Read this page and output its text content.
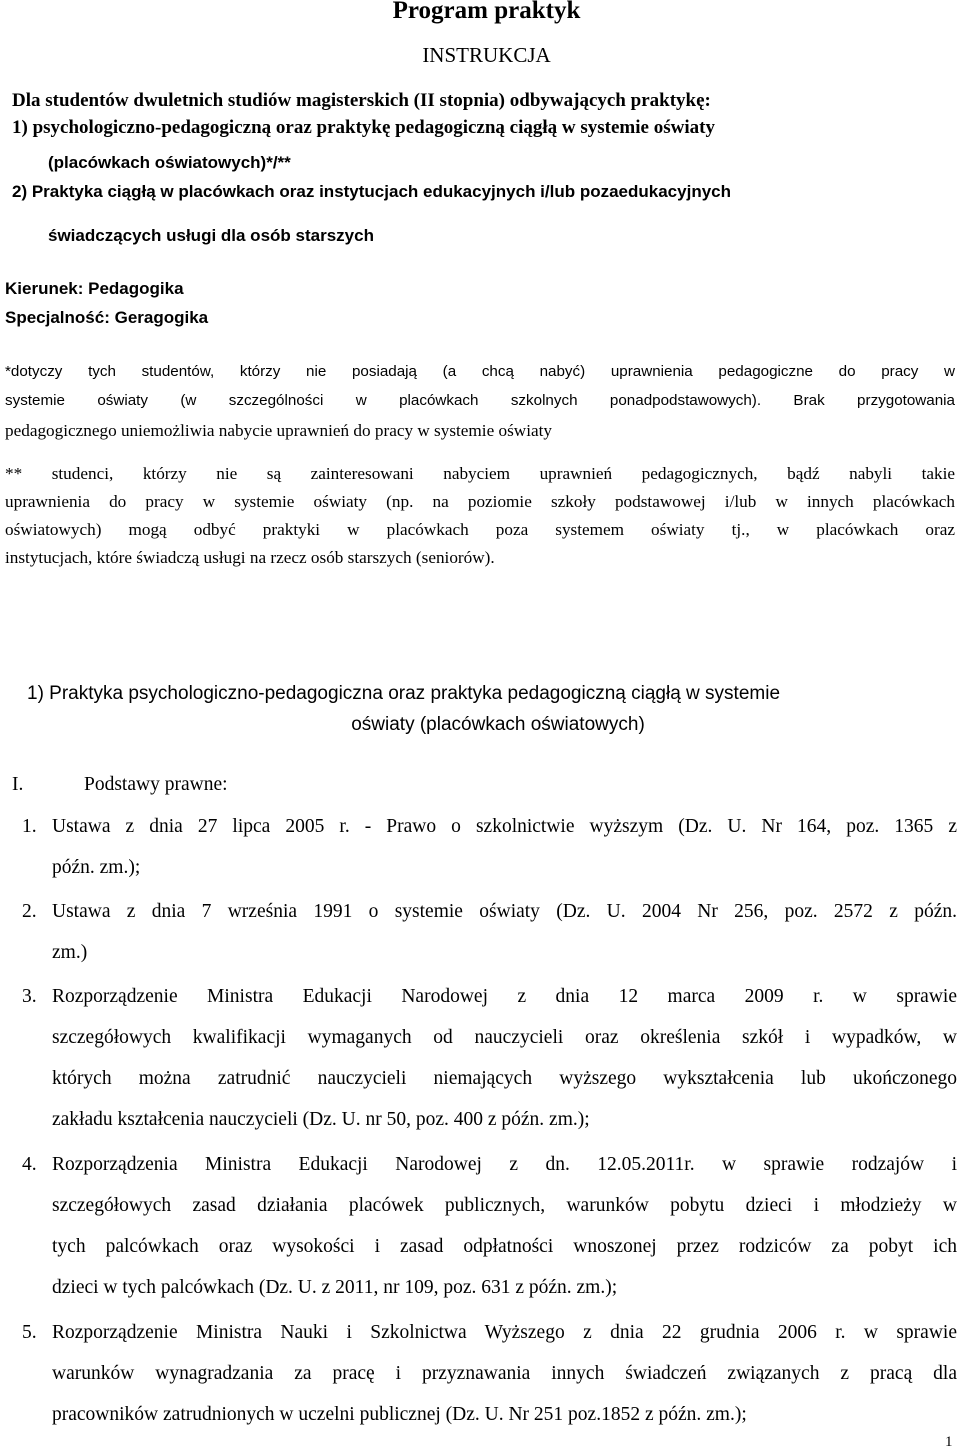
Program praktyk
INSTRUKCJA
Dla studentów dwuletnich studiów magisterskich (II stopnia) odbywających praktykę:
1) psychologiczno-pedagogiczną oraz praktykę pedagogiczną ciągłą w systemie oświaty
(placówkach oświatowych)*/**
2) Praktyka ciągłą w placówkach oraz instytucjach edukacyjnych i/lub pozaedukacyjnych
świadczących usługi dla osób starszych
Kierunek: Pedagogika
Specjalność: Geragogika
*dotyczy tych studentów, którzy nie posiadają (a chcą nabyć) uprawnienia pedagogiczne do pracy w
systemie oświaty (w szczególności w placówkach szkolnych ponadpodstawowych). Brak przygotowania
pedagogicznego uniemożliwia nabycie uprawnień do pracy w systemie oświaty
** studenci, którzy nie są zainteresowani nabyciem uprawnień pedagogicznych, bądź nabyli takie
uprawnienia do pracy w systemie oświaty (np. na poziomie szkoły podstawowej i/lub w innych placówkach
oświatowych) mogą odbyć praktyki w placówkach poza systemem oświaty tj., w placówkach oraz
instytucjach, które świadczą usługi na rzecz osób starszych (seniorów).
1) Praktyka psychologiczno-pedagogiczna oraz praktyka pedagogiczną ciągłą w systemie
oświaty (placówkach oświatowych)
I.	Podstawy prawne:
1. Ustawa z dnia 27 lipca 2005 r. - Prawo o szkolnictwie wyższym (Dz. U. Nr 164, poz. 1365 z
późn. zm.);
2. Ustawa z dnia 7 września 1991 o systemie oświaty (Dz. U. 2004 Nr 256, poz. 2572 z późn.
zm.)
3. Rozporządzenie Ministra Edukacji Narodowej z dnia 12 marca 2009 r. w sprawie
szczegółowych kwalifikacji wymaganych od nauczycieli oraz określenia szkół i wypadków, w
których można zatrudnić nauczycieli niemających wyższego wykształcenia lub ukończonego
zakładu kształcenia nauczycieli (Dz. U. nr 50, poz. 400 z późn. zm.);
4. Rozporządzenia Ministra Edukacji Narodowej z dn. 12.05.2011r. w sprawie rodzajów i
szczegółowych zasad działania placówek publicznych, warunków pobytu dzieci i młodzieży w
tych palcówkach oraz wysokości i zasad odpłatności wnoszonej przez rodziców za pobyt ich
dzieci w tych palcówkach (Dz. U. z 2011, nr 109, poz. 631 z późn. zm.);
5. Rozporządzenie Ministra Nauki i Szkolnictwa Wyższego z dnia 22 grudnia 2006 r. w sprawie
warunków wynagradzania za pracę i przyznawania innych świadczeń związanych z pracą dla
pracowników zatrudnionych w uczelni publicznej (Dz. U. Nr 251 poz.1852 z późn. zm.);
1
